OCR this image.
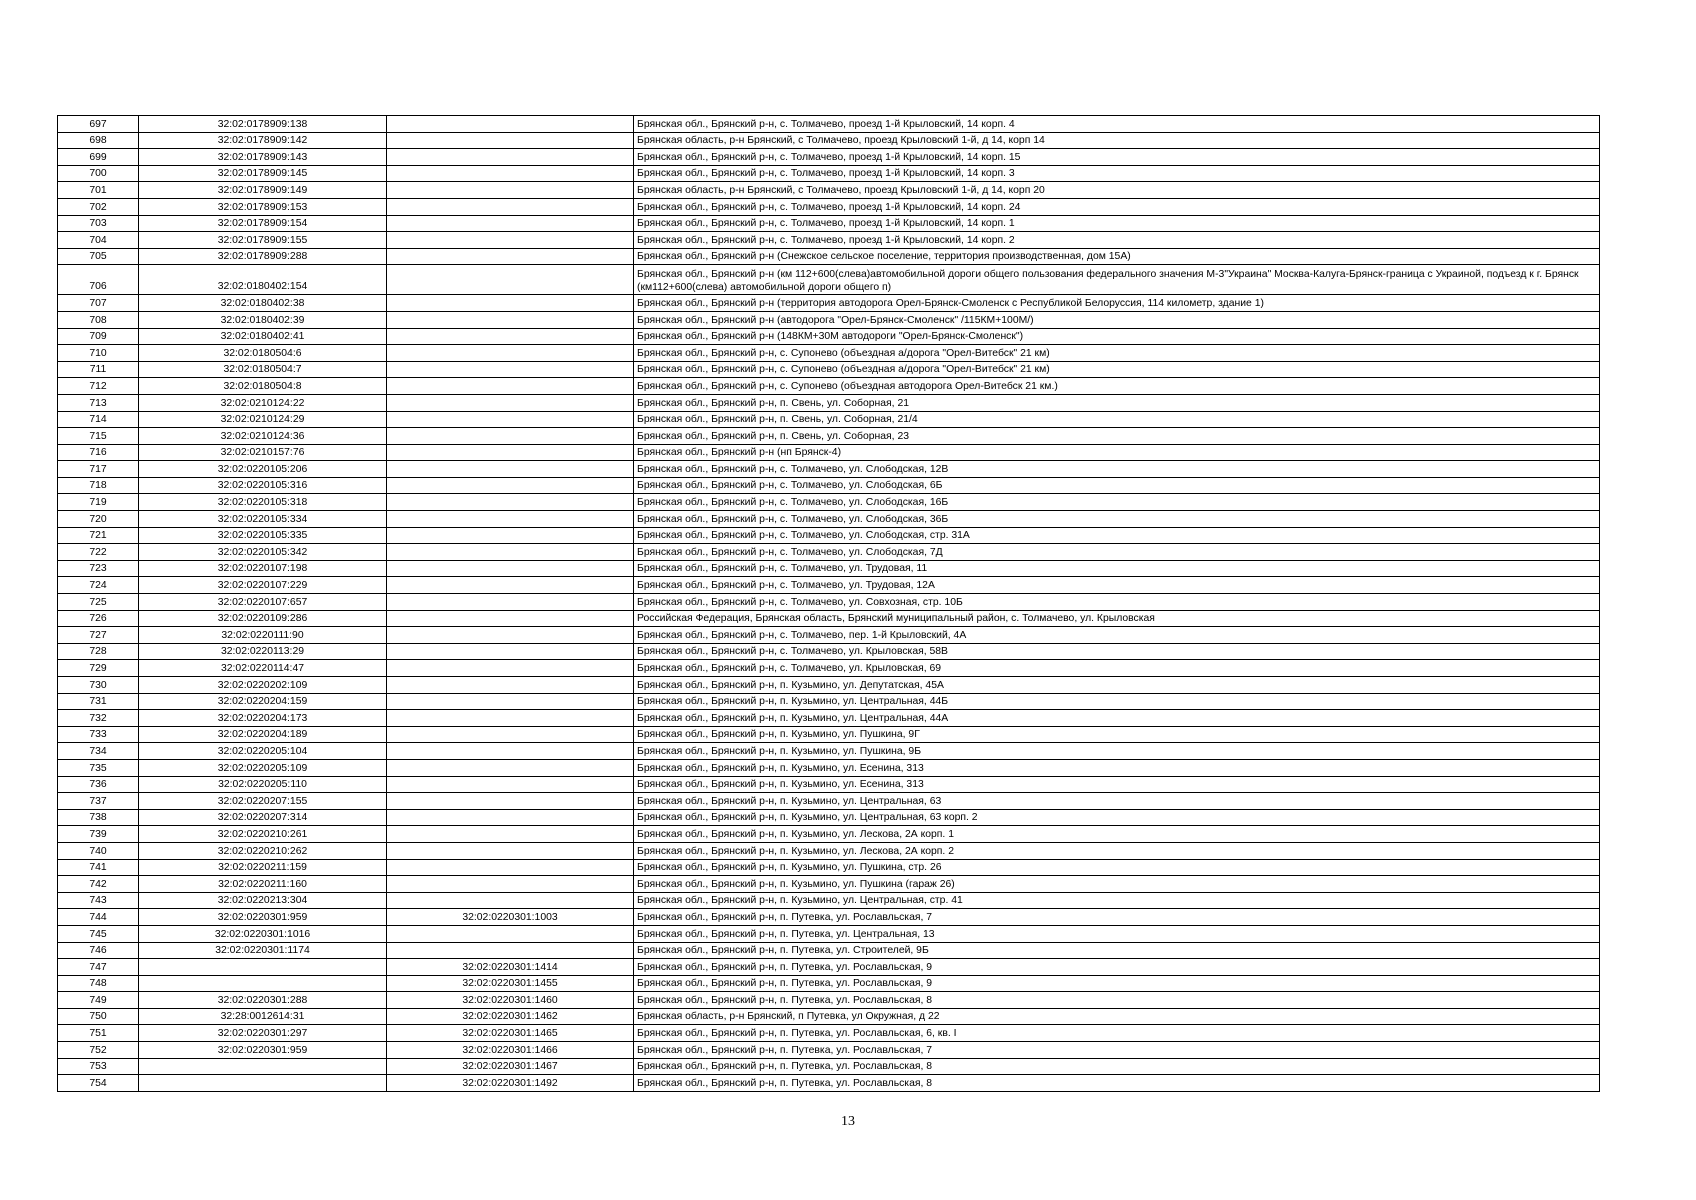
697	32:02:0178909:138		Брянская обл., Брянский р-н, с. Толмачево, проезд 1-й Крыловский, 14 корп. 4
698	32:02:0178909:142		Брянская область, р-н Брянский, с Толмачево, проезд Крыловский 1-й, д 14, корп 14
699	32:02:0178909:143		Брянская обл., Брянский р-н, с. Толмачево, проезд 1-й Крыловский, 14 корп. 15
700	32:02:0178909:145		Брянская обл., Брянский р-н, с. Толмачево, проезд 1-й Крыловский, 14 корп. 3
701	32:02:0178909:149		Брянская область, р-н Брянский, с Толмачево, проезд Крыловский 1-й, д 14, корп 20
702	32:02:0178909:153		Брянская обл., Брянский р-н, с. Толмачево, проезд 1-й Крыловский, 14 корп. 24
703	32:02:0178909:154		Брянская обл., Брянский р-н, с. Толмачево, проезд 1-й Крыловский, 14 корп. 1
704	32:02:0178909:155		Брянская обл., Брянский р-н, с. Толмачево, проезд 1-й Крыловский, 14 корп. 2
705	32:02:0178909:288		Брянская обл., Брянский р-н (Снежское сельское поселение, территория производственная, дом 15А)
706	32:02:0180402:154		Брянская обл., Брянский р-н (км 112+600(слева)автомобильной дороги общего пользования федерального значения М-3"Украина" Москва-Калуга-Брянск-граница с Украиной, подъезд к г. Брянск (км112+600(слева) автомобильной дороги общего п)
707	32:02:0180402:38		Брянская обл., Брянский р-н (территория автодорога Орел-Брянск-Смоленск с Республикой Белоруссия, 114 километр, здание 1)
708	32:02:0180402:39		Брянская обл., Брянский р-н (автодорога "Орел-Брянск-Смоленск" /115КМ+100М/)
709	32:02:0180402:41		Брянская обл., Брянский р-н (148КМ+30М автодороги "Орел-Брянск-Смоленск")
710	32:02:0180504:6		Брянская обл., Брянский р-н, с. Супонево (объездная а/дорога "Орел-Витебск" 21 км)
711	32:02:0180504:7		Брянская обл., Брянский р-н, с. Супонево (объездная а/дорога "Орел-Витебск" 21 км)
712	32:02:0180504:8		Брянская обл., Брянский р-н, с. Супонево (объездная автодорога Орел-Витебск 21 км.)
713	32:02:0210124:22		Брянская обл., Брянский р-н, п. Свень, ул. Соборная, 21
714	32:02:0210124:29		Брянская обл., Брянский р-н, п. Свень, ул. Соборная, 21/4
715	32:02:0210124:36		Брянская обл., Брянский р-н, п. Свень, ул. Соборная, 23
716	32:02:0210157:76		Брянская обл., Брянский р-н (нп Брянск-4)
717	32:02:0220105:206		Брянская обл., Брянский р-н, с. Толмачево, ул. Слободская, 12В
718	32:02:0220105:316		Брянская обл., Брянский р-н, с. Толмачево, ул. Слободская, 6Б
719	32:02:0220105:318		Брянская обл., Брянский р-н, с. Толмачево, ул. Слободская, 16Б
720	32:02:0220105:334		Брянская обл., Брянский р-н, с. Толмачево, ул. Слободская, 36Б
721	32:02:0220105:335		Брянская обл., Брянский р-н, с. Толмачево, ул. Слободская, стр. 31А
722	32:02:0220105:342		Брянская обл., Брянский р-н, с. Толмачево, ул. Слободская, 7Д
723	32:02:0220107:198		Брянская обл., Брянский р-н, с. Толмачево, ул. Трудовая, 11
724	32:02:0220107:229		Брянская обл., Брянский р-н, с. Толмачево, ул. Трудовая, 12А
725	32:02:0220107:657		Брянская обл., Брянский р-н, с. Толмачево, ул. Совхозная, стр. 10Б
726	32:02:0220109:286		Российская Федерация, Брянская область, Брянский муниципальный район, с. Толмачево, ул. Крыловская
727	32:02:0220111:90		Брянская обл., Брянский р-н, с. Толмачево, пер. 1-й Крыловский, 4А
728	32:02:0220113:29		Брянская обл., Брянский р-н, с. Толмачево, ул. Крыловская, 58В
729	32:02:0220114:47		Брянская обл., Брянский р-н, с. Толмачево, ул. Крыловская, 69
730	32:02:0220202:109		Брянская обл., Брянский р-н, п. Кузьмино, ул. Депутатская, 45А
731	32:02:0220204:159		Брянская обл., Брянский р-н, п. Кузьмино, ул. Центральная, 44Б
732	32:02:0220204:173		Брянская обл., Брянский р-н, п. Кузьмино, ул. Центральная, 44А
733	32:02:0220204:189		Брянская обл., Брянский р-н, п. Кузьмино, ул. Пушкина, 9Г
734	32:02:0220205:104		Брянская обл., Брянский р-н, п. Кузьмино, ул. Пушкина, 9Б
735	32:02:0220205:109		Брянская обл., Брянский р-н, п. Кузьмино, ул. Есенина, 313
736	32:02:0220205:110		Брянская обл., Брянский р-н, п. Кузьмино, ул. Есенина, 313
737	32:02:0220207:155		Брянская обл., Брянский р-н, п. Кузьмино, ул. Центральная, 63
738	32:02:0220207:314		Брянская обл., Брянский р-н, п. Кузьмино, ул. Центральная, 63 корп. 2
739	32:02:0220210:261		Брянская обл., Брянский р-н, п. Кузьмино, ул. Лескова, 2А корп. 1
740	32:02:0220210:262		Брянская обл., Брянский р-н, п. Кузьмино, ул. Лескова, 2А корп. 2
741	32:02:0220211:159		Брянская обл., Брянский р-н, п. Кузьмино, ул. Пушкина, стр. 26
742	32:02:0220211:160		Брянская обл., Брянский р-н, п. Кузьмино, ул. Пушкина (гараж 26)
743	32:02:0220213:304		Брянская обл., Брянский р-н, п. Кузьмино, ул. Центральная, стр. 41
744	32:02:0220301:959	32:02:0220301:1003	Брянская обл., Брянский р-н, п. Путевка, ул. Рославльская, 7
745	32:02:0220301:1016		Брянская обл., Брянский р-н, п. Путевка, ул. Центральная, 13
746	32:02:0220301:1174		Брянская обл., Брянский р-н, п. Путевка, ул. Строителей, 9Б
747		32:02:0220301:1414	Брянская обл., Брянский р-н, п. Путевка, ул. Рославльская, 9
748		32:02:0220301:1455	Брянская обл., Брянский р-н, п. Путевка, ул. Рославльская, 9
749	32:02:0220301:288	32:02:0220301:1460	Брянская обл., Брянский р-н, п. Путевка, ул. Рославльская, 8
750	32:28:0012614:31	32:02:0220301:1462	Брянская область, р-н Брянский, п Путевка, ул Окружная, д 22
751	32:02:0220301:297	32:02:0220301:1465	Брянская обл., Брянский р-н, п. Путевка, ул. Рославльская, 6, кв. I
752	32:02:0220301:959	32:02:0220301:1466	Брянская обл., Брянский р-н, п. Путевка, ул. Рославльская, 7
753		32:02:0220301:1467	Брянская обл., Брянский р-н, п. Путевка, ул. Рославльская, 8
754		32:02:0220301:1492	Брянская обл., Брянский р-н, п. Путевка, ул. Рославльская, 8
13
